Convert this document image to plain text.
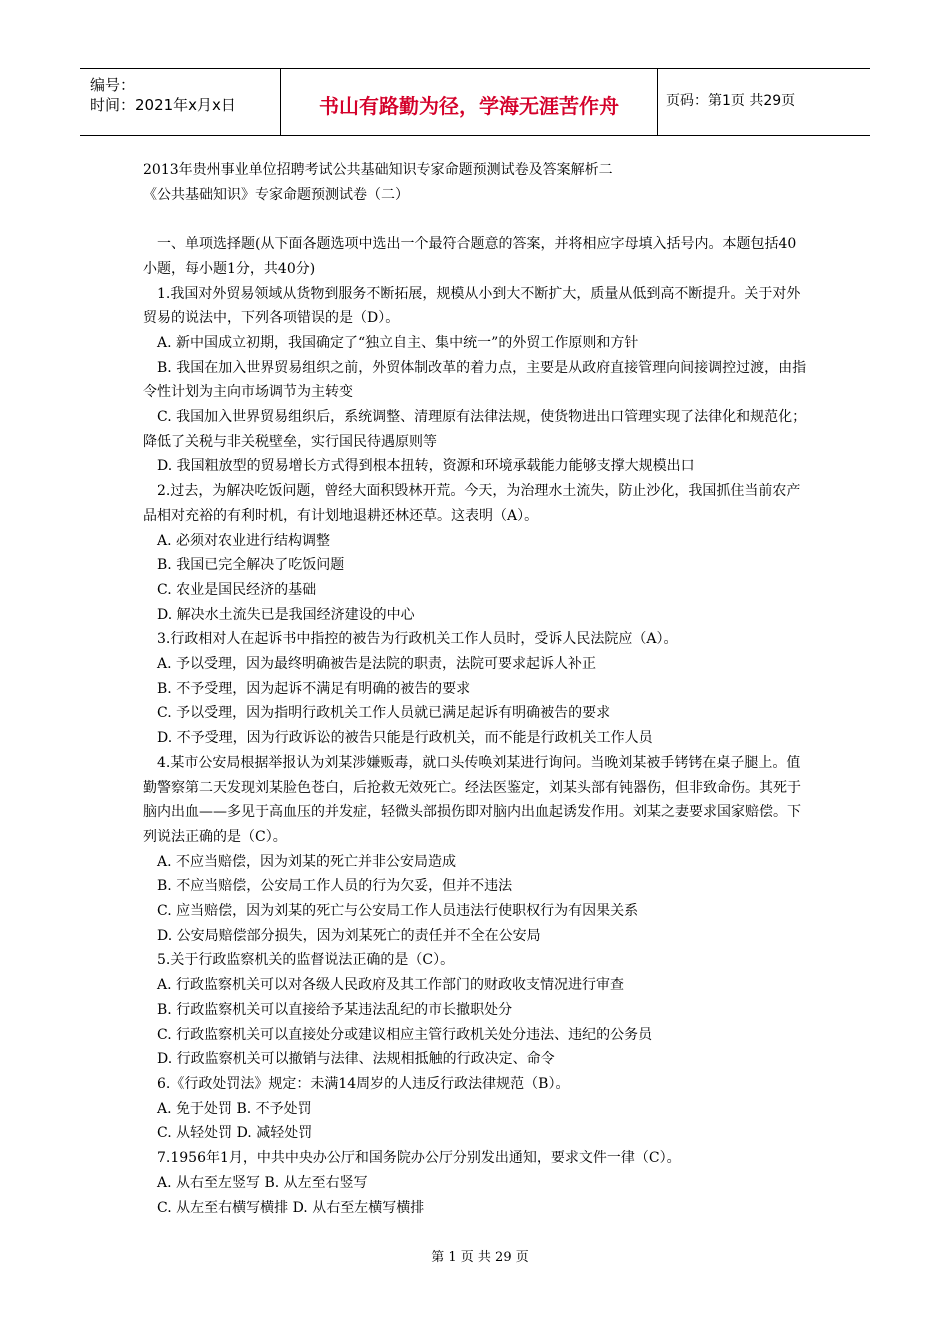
编号：
时间：2021年x月x日	书山有路勤为径，学海无涯苦作舟	页码：第1页 共29页

2013年贵州事业单位招聘考试公共基础知识专家命题预测试卷及答案解析二

《公共基础知识》专家命题预测试卷（二）

一、单项选择题(从下面各题选项中选出一个最符合题意的答案，并将相应字母填入括号内。本题包括40小题，每小题1分，共40分)

1.我国对外贸易领域从货物到服务不断拓展，规模从小到大不断扩大，质量从低到高不断提升。关于对外贸易的说法中，下列各项错误的是（D）。

A. 新中国成立初期，我国确定了“独立自主、集中统一”的外贸工作原则和方针

B. 我国在加入世界贸易组织之前，外贸体制改革的着力点，主要是从政府直接管理向间接调控过渡，由指令性计划为主向市场调节为主转变

C. 我国加入世界贸易组织后，系统调整、清理原有法律法规，使货物进出口管理实现了法律化和规范化；降低了关税与非关税壁垒，实行国民待遇原则等

D. 我国粗放型的贸易增长方式得到根本扭转，资源和环境承载能力能够支撑大规模出口

2.过去，为解决吃饭问题，曾经大面积毁林开荒。今天，为治理水土流失，防止沙化，我国抓住当前农产品相对充裕的有利时机，有计划地退耕还林还草。这表明（A）。

A. 必须对农业进行结构调整

B. 我国已完全解决了吃饭问题

C. 农业是国民经济的基础

D. 解决水土流失已是我国经济建设的中心

3.行政相对人在起诉书中指控的被告为行政机关工作人员时，受诉人民法院应（A）。

A. 予以受理，因为最终明确被告是法院的职责，法院可要求起诉人补正

B. 不予受理，因为起诉不满足有明确的被告的要求

C. 予以受理，因为指明行政机关工作人员就已满足起诉有明确被告的要求

D. 不予受理，因为行政诉讼的被告只能是行政机关，而不能是行政机关工作人员

4.某市公安局根据举报认为刘某涉嫌贩毒，就口头传唤刘某进行询问。当晚刘某被手铐铐在桌子腿上。值勤警察第二天发现刘某脸色苍白，后抢救无效死亡。经法医鉴定，刘某头部有钝器伤，但非致命伤。其死于脑内出血——多见于高血压的并发症，轻微头部损伤即对脑内出血起诱发作用。刘某之妻要求国家赔偿。下列说法正确的是（C）。

A. 不应当赔偿，因为刘某的死亡并非公安局造成

B. 不应当赔偿，公安局工作人员的行为欠妥，但并不违法

C. 应当赔偿，因为刘某的死亡与公安局工作人员违法行使职权行为有因果关系

D. 公安局赔偿部分损失，因为刘某死亡的责任并不全在公安局

5.关于行政监察机关的监督说法正确的是（C）。

A. 行政监察机关可以对各级人民政府及其工作部门的财政收支情况进行审查

B. 行政监察机关可以直接给予某违法乱纪的市长撤职处分

C. 行政监察机关可以直接处分或建议相应主管行政机关处分违法、违纪的公务员

D. 行政监察机关可以撤销与法律、法规相抵触的行政决定、命令

6.《行政处罚法》规定：未满14周岁的人违反行政法律规范（B）。

A. 免于处罚 B. 不予处罚

C. 从轻处罚 D. 减轻处罚

7.1956年1月，中共中央办公厅和国务院办公厅分别发出通知，要求文件一律（C）。

A. 从右至左竖写 B. 从左至右竖写

C. 从左至右横写横排 D. 从右至左横写横排

第 1 页 共 29 页
